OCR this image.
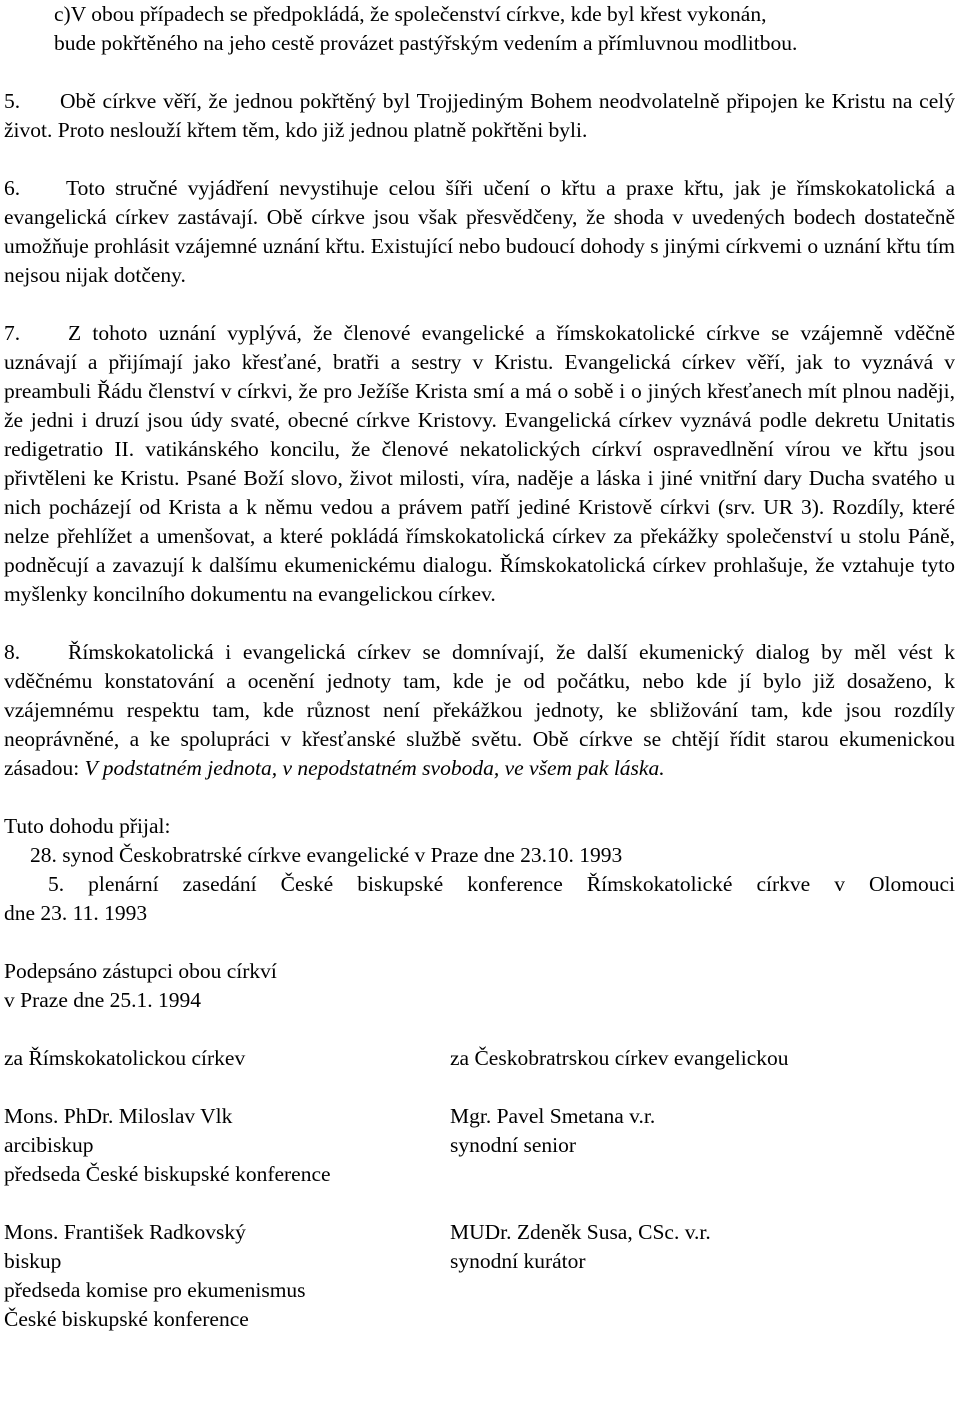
c)V obou případech se předpokládá, že společenství církve, kde byl křest vykonán,
bude pokřtěného na jeho cestě provázet pastýřským vedením a přímluvnou modlitbou.

5. Obě církve věří, že jednou pokřtěný byl Trojjediným Bohem neodvolatelně připojen ke Kristu na celý život. Proto neslouží křtem těm, kdo již jednou platně pokřtěni byli.

6. Toto stručné vyjádření nevystihuje celou šíři učení o křtu a praxe křtu, jak je římskokatolická a evangelická církev zastávají. Obě církve jsou však přesvědčeny, že shoda v uvedených bodech dostatečně umožňuje prohlásit vzájemné uznání křtu. Existující nebo budoucí dohody s jinými církvemi o uznání křtu tím nejsou nijak dotčeny.

7. Z tohoto uznání vyplývá, že členové evangelické a římskokatolické církve se vzájemně vděčně uznávají a přijímají jako křesťané, bratři a sestry v Kristu. Evangelická církev věří, jak to vyznává v preambuli Řádu členství v církvi, že pro Ježíše Krista smí a má o sobě i o jiných křesťanech mít plnou naději, že jedni i druzí jsou údy svaté, obecné církve Kristovy. Evangelická církev vyznává podle dekretu Unitatis redigetratio II. vatikánského koncilu, že členové nekatolických církví ospravedlnění vírou ve křtu jsou přivtěleni ke Kristu. Psané Boží slovo, život milosti, víra, naděje a láska i jiné vnitřní dary Ducha svatého u nich pocházejí od Krista a k němu vedou a právem patří jediné Kristově církvi (srv. UR 3). Rozdíly, které nelze přehlížet a umenšovat, a které pokládá římskokatolická církev za překážky společenství u stolu Páně, podněcují a zavazují k dalšímu ekumenickému dialogu. Římskokatolická církev prohlašuje, že vztahuje tyto myšlenky koncilního dokumentu na evangelickou církev.

8. Římskokatolická i evangelická církev se domnívají, že další ekumenický dialog by měl vést k vděčnému konstatování a ocenění jednoty tam, kde je od počátku, nebo kde jí bylo již dosaženo, k vzájemnému respektu tam, kde různost není překážkou jednoty, ke sbližování tam, kde jsou rozdíly neoprávněné, a ke spolupráci v křesťanské službě světu. Obě církve se chtějí řídit starou ekumenickou zásadou: V podstatném jednota, v nepodstatném svoboda, ve všem pak láska.

Tuto dohodu přijal:
28. synod Českobratrské církve evangelické v Praze dne 23.10. 1993

5. plenární zasedání České biskupské konference Římskokatolické církve v Olomouci
dne 23. 11. 1993

Podepsáno zástupci obou církví
v Praze dne 25.1. 1994
za Římskokatolickou církev	za Českobratrskou církev evangelickou
Mons. PhDr. Miloslav Vlk
arcibiskup
předseda České biskupské konference
Mgr. Pavel Smetana v.r.
synodní senior
Mons. František Radkovský
biskup
předseda komise pro ekumenismus
České biskupské konference
MUDr. Zdeněk Susa, CSc. v.r.
synodní kurátor
